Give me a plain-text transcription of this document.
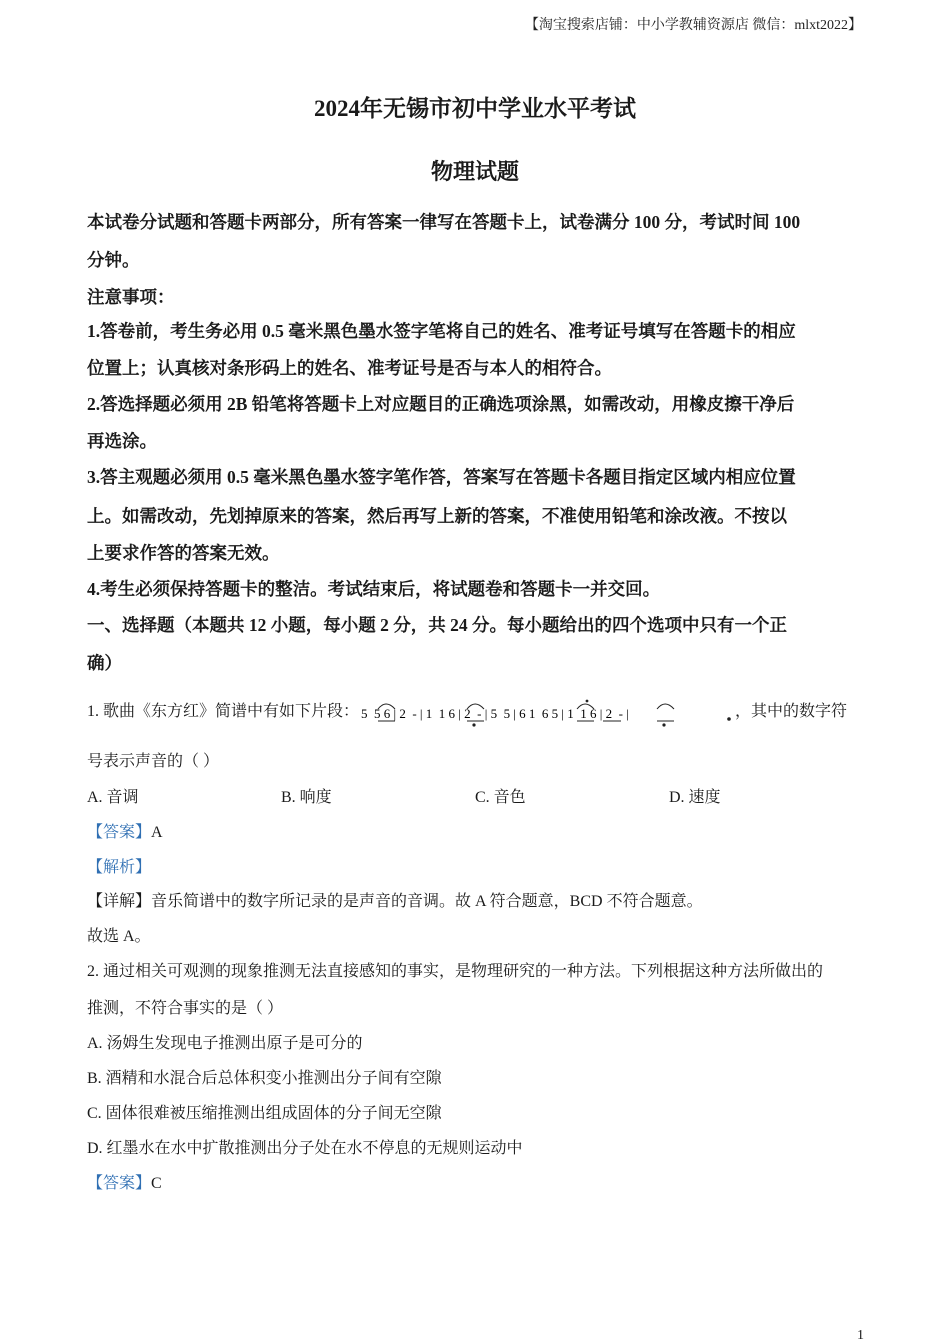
【淘宝搜索店铺：中小学教辅资源店 微信：mlxt2022】
2024年无锡市初中学业水平考试
物理试题
本试卷分试题和答题卡两部分，所有答案一律写在答题卡上，试卷满分 100 分，考试时间 100
分钟。
注意事项：
1.答卷前，考生务必用 0.5 毫米黑色墨水签字笔将自己的姓名、准考证号填写在答题卡的相应
位置上；认真核对条形码上的姓名、准考证号是否与本人的相符合。
2.答选择题必须用 2B 铅笔将答题卡上对应题目的正确选项涂黑，如需改动，用橡皮擦干净后
再选涂。
3.答主观题必须用 0.5 毫米黑色墨水签字笔作答，答案写在答题卡各题目指定区域内相应位置
上。如需改动，先划掉原来的答案，然后再写上新的答案，不准使用铅笔和涂改液。不按以
上要求作答的答案无效。
4.考生必须保持答题卡的整洁。考试结束后，将试题卷和答题卡一并交回。
一、选择题（本题共 12 小题，每小题 2 分，共 24 分。每小题给出的四个选项中只有一个正
确）
1. 歌曲《东方红》简谱中有如下片段： 5  5 6 | 2  - | 1  1 6 | 2  - | 5  5 | 6 1  6 5 | 1  1 6 | 2  - |	，其中的数字符
号表示声音的（ ）
A. 音调	B. 响度	C. 音色	D. 速度
【答案】A
【解析】
【详解】音乐简谱中的数字所记录的是声音的音调。故 A 符合题意，BCD 不符合题意。
故选 A。
2. 通过相关可观测的现象推测无法直接感知的事实，是物理研究的一种方法。下列根据这种方法所做出的
推测，不符合事实的是（ ）
A. 汤姆生发现电子推测出原子是可分的
B. 酒精和水混合后总体积变小推测出分子间有空隙
C. 固体很难被压缩推测出组成固体的分子间无空隙
D. 红墨水在水中扩散推测出分子处在水不停息的无规则运动中
【答案】C
1
